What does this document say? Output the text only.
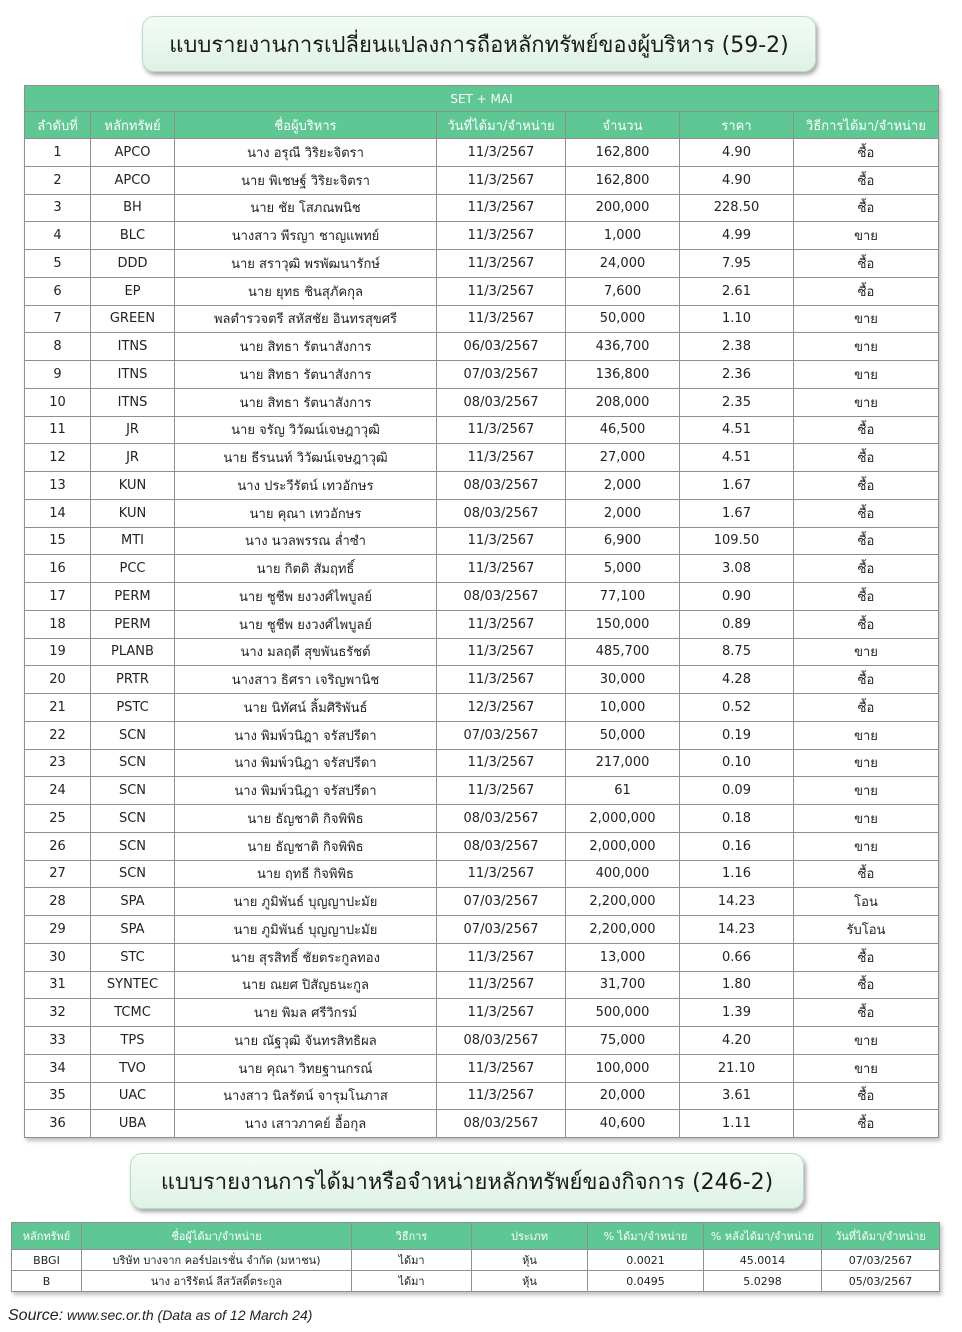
แบบรายงานการเปลี่ยนแปลงการถือหลักทรัพย์ของผู้บริหาร (59-2)
SET + MAI						
ลำดับที่	หลักทรัพย์	ชื่อผู้บริหาร	วันที่ได้มา/จำหน่าย	จำนวน	ราคา	วิธีการได้มา/จำหน่าย
1	APCO	นาง อรุณี วิริยะจิตรา	11/3/2567	162,800	4.90	ซื้อ
2	APCO	นาย พิเชษฐ์ วิริยะจิตรา	11/3/2567	162,800	4.90	ซื้อ
3	BH	นาย ชัย โสภณพนิช	11/3/2567	200,000	228.50	ซื้อ
4	BLC	นางสาว พีรญา ชาญแพทย์	11/3/2567	1,000	4.99	ขาย
5	DDD	นาย สราวุฒิ พรพัฒนารักษ์	11/3/2567	24,000	7.95	ซื้อ
6	EP	นาย ยุทธ ชินสุภัคกุล	11/3/2567	7,600	2.61	ซื้อ
7	GREEN	พลตำรวจตรี สหัสชัย อินทรสุขศรี	11/3/2567	50,000	1.10	ขาย
8	ITNS	นาย สิทธา รัตนาสังการ	06/03/2567	436,700	2.38	ขาย
9	ITNS	นาย สิทธา รัตนาสังการ	07/03/2567	136,800	2.36	ขาย
10	ITNS	นาย สิทธา รัตนาสังการ	08/03/2567	208,000	2.35	ขาย
11	JR	นาย จรัญ วิวัฒน์เจษฎาวุฒิ	11/3/2567	46,500	4.51	ซื้อ
12	JR	นาย ธีรนนท์ วิวัฒน์เจษฎาวุฒิ	11/3/2567	27,000	4.51	ซื้อ
13	KUN	นาง ประวีรัตน์ เทวอักษร	08/03/2567	2,000	1.67	ซื้อ
14	KUN	นาย คุณา เทวอักษร	08/03/2567	2,000	1.67	ซื้อ
15	MTI	นาง นวลพรรณ ล่ำซำ	11/3/2567	6,900	109.50	ซื้อ
16	PCC	นาย กิตติ สัมฤทธิ์	11/3/2567	5,000	3.08	ซื้อ
17	PERM	นาย ชูชีพ ยงวงศ์ไพบูลย์	08/03/2567	77,100	0.90	ซื้อ
18	PERM	นาย ชูชีพ ยงวงศ์ไพบูลย์	11/3/2567	150,000	0.89	ซื้อ
19	PLANB	นาง มลฤดี สุขพันธรัชต์	11/3/2567	485,700	8.75	ขาย
20	PRTR	นางสาว ธิศรา เจริญพานิช	11/3/2567	30,000	4.28	ซื้อ
21	PSTC	นาย นิทัศน์ ลิ้มศิริพันธ์	12/3/2567	10,000	0.52	ซื้อ
22	SCN	นาง พิมพ์วนิฎา จรัสปรีดา	07/03/2567	50,000	0.19	ขาย
23	SCN	นาง พิมพ์วนิฎา จรัสปรีดา	11/3/2567	217,000	0.10	ขาย
24	SCN	นาง พิมพ์วนิฎา จรัสปรีดา	11/3/2567	61	0.09	ขาย
25	SCN	นาย ธัญชาติ กิจพิพิธ	08/03/2567	2,000,000	0.18	ขาย
26	SCN	นาย ธัญชาติ กิจพิพิธ	08/03/2567	2,000,000	0.16	ขาย
27	SCN	นาย ฤทธี กิจพิพิธ	11/3/2567	400,000	1.16	ซื้อ
28	SPA	นาย ภูมิพันธ์ บุญญาปะมัย	07/03/2567	2,200,000	14.23	โอน
29	SPA	นาย ภูมิพันธ์ บุญญาปะมัย	07/03/2567	2,200,000	14.23	รับโอน
30	STC	นาย สุรสิทธิ์ ชัยตระกูลทอง	11/3/2567	13,000	0.66	ซื้อ
31	SYNTEC	นาย ณยศ ปิสัญธนะกูล	11/3/2567	31,700	1.80	ซื้อ
32	TCMC	นาย พิมล ศรีวิกรม์	11/3/2567	500,000	1.39	ซื้อ
33	TPS	นาย ณัฐวุฒิ จันทรสิทธิผล	08/03/2567	75,000	4.20	ขาย
34	TVO	นาย คุณา วิทยฐานกรณ์	11/3/2567	100,000	21.10	ขาย
35	UAC	นางสาว นิลรัตน์ จารุมโนภาส	11/3/2567	20,000	3.61	ซื้อ
36	UBA	นาง เสาวภาคย์ อื้อกุล	08/03/2567	40,600	1.11	ซื้อ
แบบรายงานการได้มาหรือจำหน่ายหลักทรัพย์ของกิจการ (246-2)
หลักทรัพย์	ชื่อผู้ได้มา/จำหน่าย	วิธีการ	ประเภท	% ได้มา/จำหน่าย	% หลังได้มา/จำหน่าย	วันที่ได้มา/จำหน่าย
BBGI	บริษัท บางจาก คอร์ปอเรชั่น จำกัด (มหาชน)	ได้มา	หุ้น	0.0021	45.0014	07/03/2567
B	นาง อารีรัตน์ ลีสวัสดิ์ตระกูล	ได้มา	หุ้น	0.0495	5.0298	05/03/2567
Source: www.sec.or.th (Data as of 12 March 24)
